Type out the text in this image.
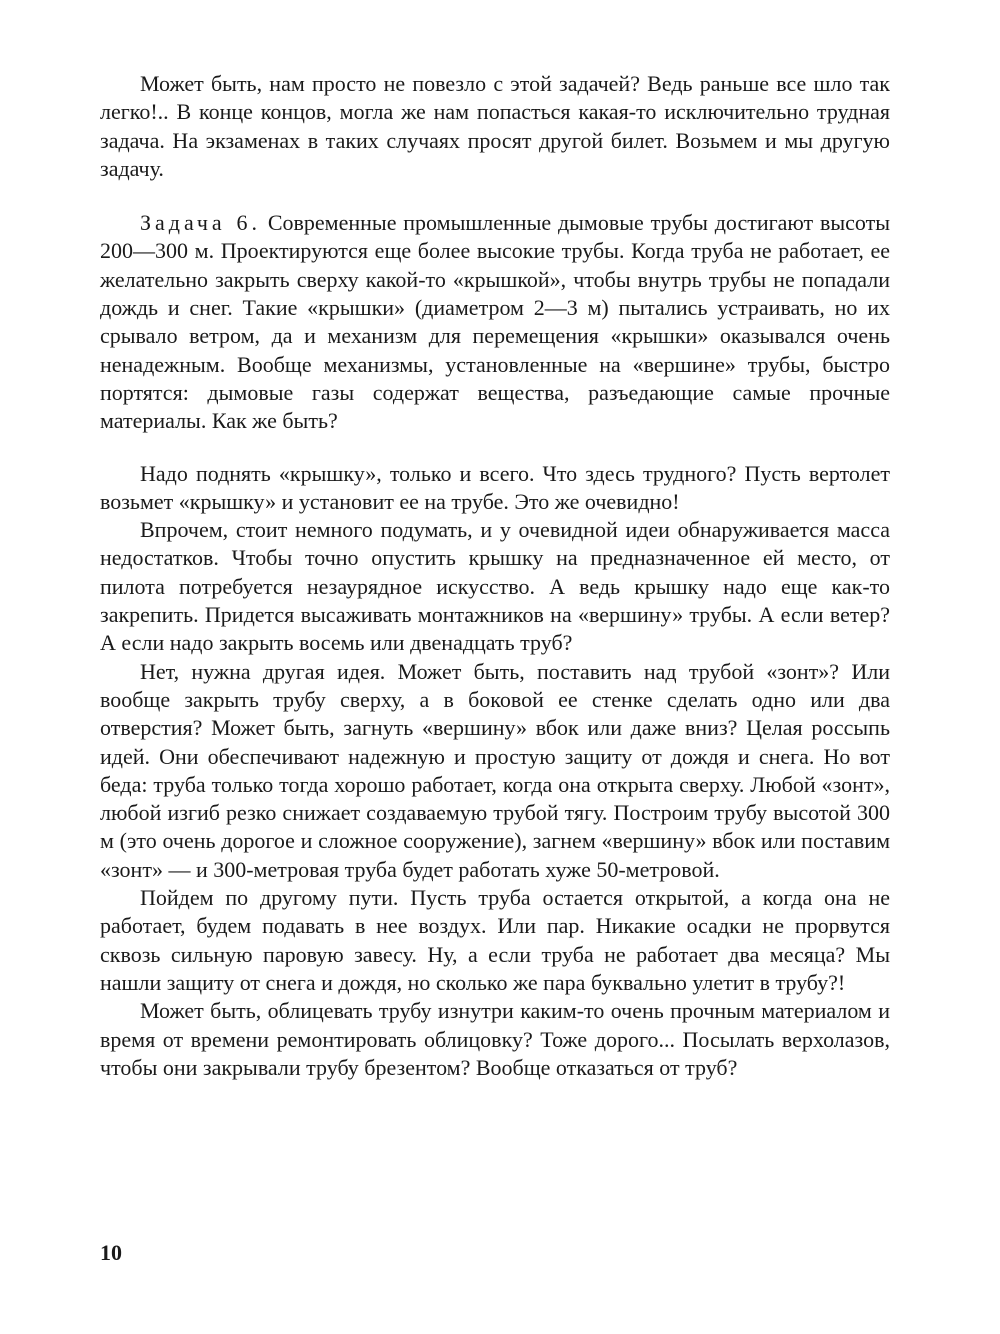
Может быть, нам просто не повезло с этой задачей? Ведь раньше все шло так легко!.. В конце концов, могла же нам попасться какая-то исключительно трудная задача. На экзаменах в таких случаях просят другой билет. Возьмем и мы другую задачу.

Задача 6. Современные промышленные дымовые трубы достигают высоты 200—300 м. Проектируются еще более высокие трубы. Когда труба не работает, ее желательно закрыть сверху какой-то «крышкой», чтобы внутрь трубы не попадали дождь и снег. Такие «крышки» (диаметром 2—3 м) пытались устраивать, но их срывало ветром, да и механизм для перемещения «крышки» оказывался очень ненадежным. Вообще механизмы, установленные на «вершине» трубы, быстро портятся: дымовые газы содержат вещества, разъедающие самые прочные материалы. Как же быть?

Надо поднять «крышку», только и всего. Что здесь трудного? Пусть вертолет возьмет «крышку» и установит ее на трубе. Это же очевидно!

Впрочем, стоит немного подумать, и у очевидной идеи обнаруживается масса недостатков. Чтобы точно опустить крышку на предназначенное ей место, от пилота потребуется незаурядное искусство. А ведь крышку надо еще как-то закрепить. Придется высаживать монтажников на «вершину» трубы. А если ветер? А если надо закрыть восемь или двенадцать труб?

Нет, нужна другая идея. Может быть, поставить над трубой «зонт»? Или вообще закрыть трубу сверху, а в боковой ее стенке сделать одно или два отверстия? Может быть, загнуть «вершину» вбок или даже вниз? Целая россыпь идей. Они обеспечивают надежную и простую защиту от дождя и снега. Но вот беда: труба только тогда хорошо работает, когда она открыта сверху. Любой «зонт», любой изгиб резко снижает создаваемую трубой тягу. Построим трубу высотой 300 м (это очень дорогое и сложное сооружение), загнем «вершину» вбок или поставим «зонт» — и 300-метровая труба будет работать хуже 50-метровой.

Пойдем по другому пути. Пусть труба остается открытой, а когда она не работает, будем подавать в нее воздух. Или пар. Никакие осадки не прорвутся сквозь сильную паровую завесу. Ну, а если труба не работает два месяца? Мы нашли защиту от снега и дождя, но сколько же пара буквально улетит в трубу?!

Может быть, облицевать трубу изнутри каким-то очень прочным материалом и время от времени ремонтировать облицовку? Тоже дорого... Посылать верхолазов, чтобы они закрывали трубу брезентом? Вообще отказаться от труб?

10
